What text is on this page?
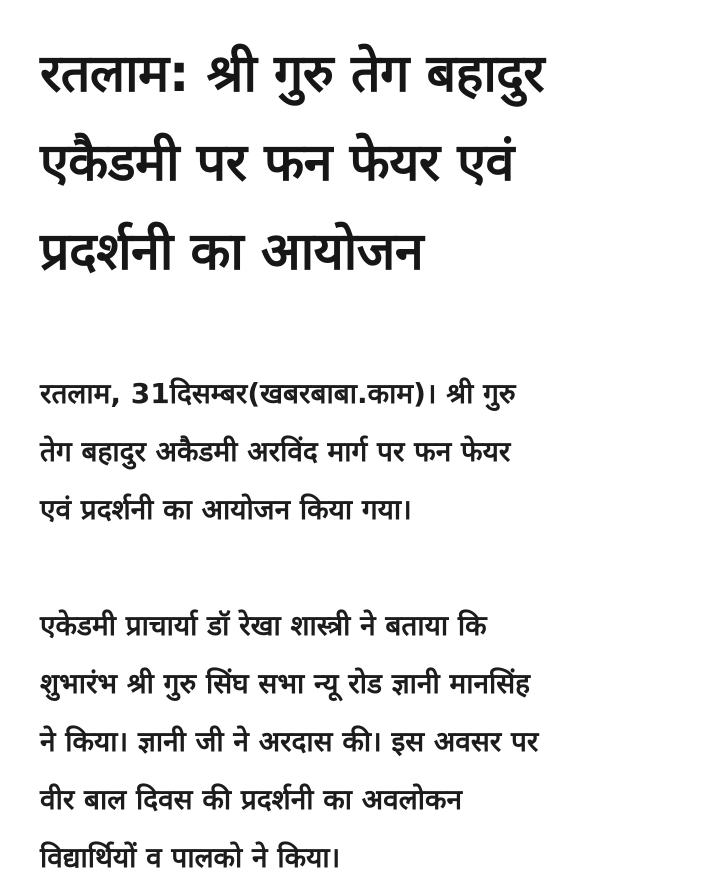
रतलाम: श्री गुरु तेग बहादुर
एकैडमी पर फन फेयर एवं
प्रदर्शनी का आयोजन

रतलाम, 31दिसम्बर(खबरबाबा.काम)। श्री गुरु
तेग बहादुर अकैडमी अरविंद मार्ग पर फन फेयर
एवं प्रदर्शनी का आयोजन किया गया।

एकेडमी प्राचार्या डॉ रेखा शास्त्री ने बताया कि
शुभारंभ श्री गुरु सिंघ सभा न्यू रोड ज्ञानी मानसिंह
ने किया। ज्ञानी जी ने अरदास की। इस अवसर पर
वीर बाल दिवस की प्रदर्शनी का अवलोकन
विद्यार्थियों व पालको ने किया।
